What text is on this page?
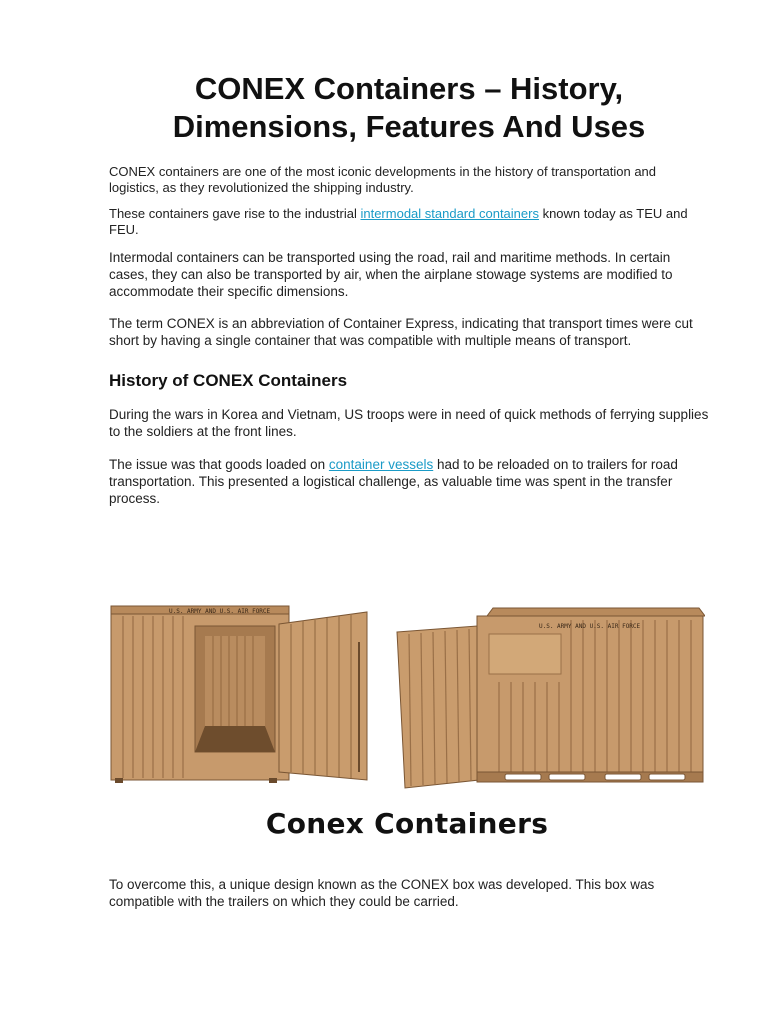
CONEX Containers – History,
Dimensions, Features And Uses

CONEX containers are one of the most iconic developments in the history of transportation and logistics, as they revolutionized the shipping industry.

These containers gave rise to the industrial intermodal standard containers known today as TEU and FEU.

Intermodal containers can be transported using the road, rail and maritime methods. In certain cases, they can also be transported by air, when the airplane stowage systems are modified to accommodate their specific dimensions.

The term CONEX is an abbreviation of Container Express, indicating that transport times were cut short by having a single container that was compatible with multiple means of transport.

History of CONEX Containers

During the wars in Korea and Vietnam, US troops were in need of quick methods of ferrying supplies to the soldiers at the front lines.

The issue was that goods loaded on container vessels had to be reloaded on to trailers for road transportation. This presented a logistical challenge, as valuable time was spent in the transfer process.

U.S. ARMY AND U.S. AIR FORCE
U.S. ARMY AND U.S. AIR FORCE
Conex Containers

To overcome this, a unique design known as the CONEX box was developed. This box was compatible with the trailers on which they could be carried.
